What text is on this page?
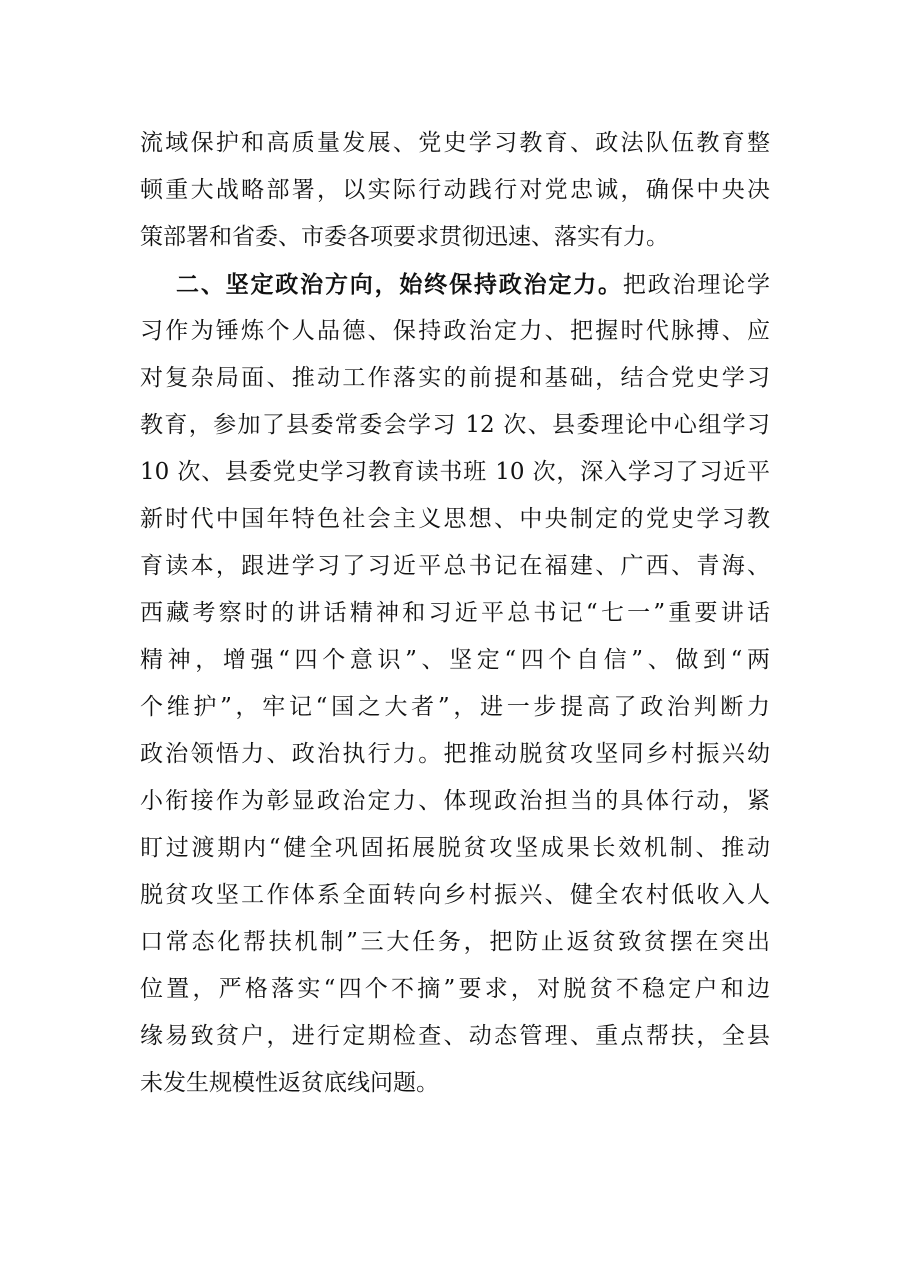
流域保护和高质量发展、党史学习教育、政法队伍教育整
顿重大战略部署，以实际行动践行对党忠诚，确保中央决
策部署和省委、市委各项要求贯彻迅速、落实有力。
二、坚定政治方向，始终保持政治定力。把政治理论学
习作为锤炼个人品德、保持政治定力、把握时代脉搏、应
对复杂局面、推动工作落实的前提和基础，结合党史学习
教育，参加了县委常委会学习 12 次、县委理论中心组学习
10 次、县委党史学习教育读书班 10 次，深入学习了习近平
新时代中国年特色社会主义思想、中央制定的党史学习教
育读本，跟进学习了习近平总书记在福建、广西、青海、
西藏考察时的讲话精神和习近平总书记“七一”重要讲话
精神，增强“四个意识”、坚定“四个自信”、做到“两
个维护”，牢记“国之大者”，进一步提高了政治判断力
政治领悟力、政治执行力。把推动脱贫攻坚同乡村振兴幼
小衔接作为彰显政治定力、体现政治担当的具体行动，紧
盯过渡期内“健全巩固拓展脱贫攻坚成果长效机制、推动
脱贫攻坚工作体系全面转向乡村振兴、健全农村低收入人
口常态化帮扶机制”三大任务，把防止返贫致贫摆在突出
位置，严格落实“四个不摘”要求，对脱贫不稳定户和边
缘易致贫户，进行定期检查、动态管理、重点帮扶，全县
未发生规模性返贫底线问题。
